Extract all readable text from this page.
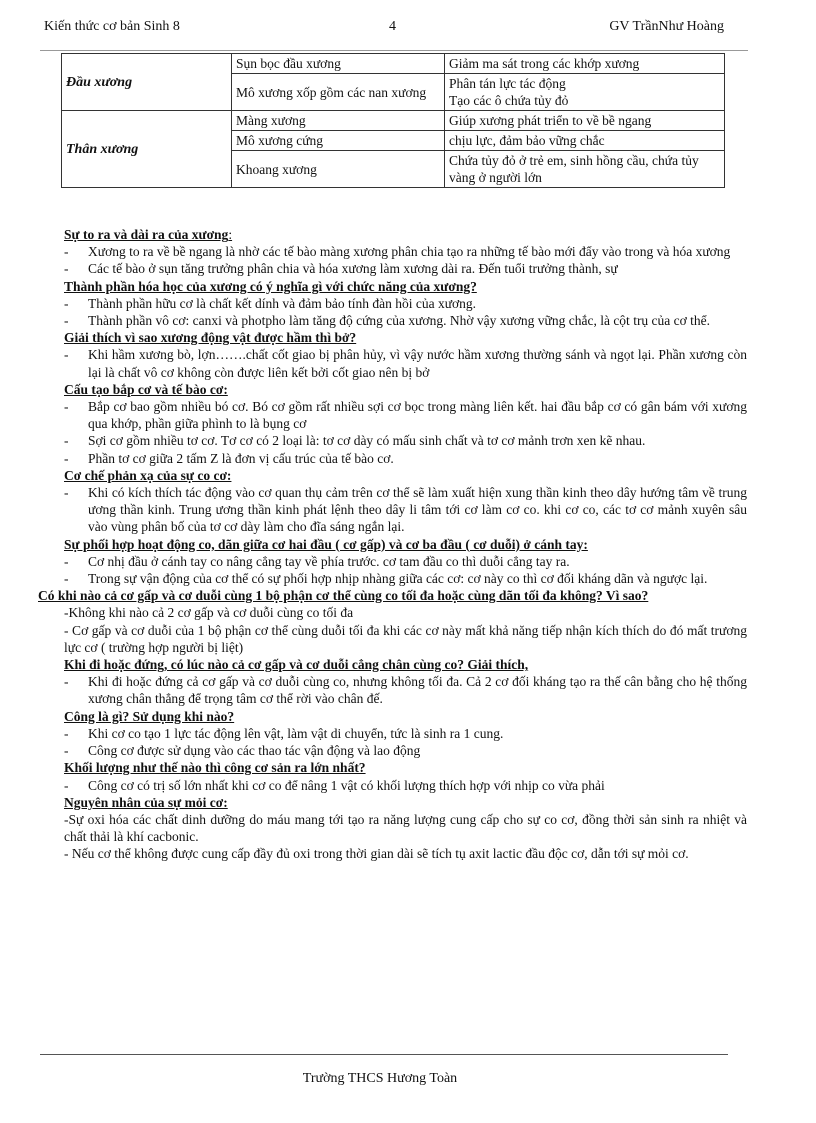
Kiến thức cơ bản Sinh 8	4	GV TrầnNhư Hoàng
Đầu xương	Sụn bọc đầu xương	Giảm ma sát trong các khớp xương
	Mô xương xốp gồm các nan xương	Phân tán lực tác động
Tạo các ô chứa tủy đỏ
Thân xương	Màng xương	Giúp xương phát triển to về bề ngang
	Mô xương cứng	chịu lực, đảm bảo vững chắc
	Khoang xương	Chứa tủy đỏ ở trẻ em, sinh hồng cầu, chứa tủy vàng ở người lớn
Sự to ra và dài ra của xương:
- Xương to ra về bề ngang là nhờ các tế bào màng xương phân chia tạo ra những tế bào mới đẩy vào trong và hóa xương
- Các tế bào ở sụn tăng trưởng phân chia và hóa xương làm xương dài ra. Đến tuổi trưởng thành, sự
Thành phần hóa học của xương có ý nghĩa gì với chức năng của xương?
- Thành phần hữu cơ là chất kết dính và đảm bảo tính đàn hồi của xương.
- Thành phần vô cơ: canxi và photpho làm tăng độ cứng của xương. Nhờ vậy xương vững chắc, là cột trụ của cơ thể.
Giải thích vì sao xương động vật được hầm thì bở?
- Khi hầm xương bò, lợn…….chất cốt giao bị phân hủy, vì vậy nước hầm xương thường sánh và ngọt lại. Phần xương còn lại là chất vô cơ không còn được liên kết bởi cốt giao nên bị bở
Cấu tạo bắp cơ và tế bào cơ:
- Bắp cơ bao gồm nhiều bó cơ. Bó cơ gồm rất nhiều sợi cơ bọc trong màng liên kết. hai đầu bắp cơ có gân bám với xương qua khớp, phần giữa phình to là bụng cơ
- Sợi cơ gồm nhiều tơ cơ. Tơ cơ có 2 loại là: tơ cơ dày có mấu sinh chất và tơ cơ mảnh trơn xen kẽ nhau.
- Phần tơ cơ giữa 2 tấm Z là đơn vị cấu trúc của tế bào cơ.
Cơ chế phản xạ của sự co cơ:
- Khi có kích thích tác động vào cơ quan thụ cảm trên cơ thể sẽ làm xuất hiện xung thần kinh theo dây hướng tâm về trung ương thần kinh. Trung ương thần kinh phát lệnh theo dây li tâm tới cơ làm cơ co. khi cơ co, các tơ cơ mảnh xuyên sâu vào vùng phân bố của tơ cơ dày làm cho đĩa sáng ngắn lại.
Sự phối hợp hoạt động co, dãn giữa cơ hai đầu ( cơ gấp) và cơ ba đầu ( cơ duỗi) ở cánh tay:
- Cơ nhị đầu ở cánh tay co nâng cẳng tay về phía trước. cơ tam đầu co thì duỗi cẳng tay ra.
- Trong sự vận động của cơ thể có sự phối hợp nhịp nhàng giữa các cơ: cơ này co thì cơ đối kháng dãn và ngược lại.
Có khi nào cả cơ gấp và cơ duỗi cùng 1 bộ phận cơ thể cùng co tối đa hoặc cùng dãn tối đa không? Vì sao?

-Không khi nào cả 2 cơ gấp và cơ duỗi cùng co tối đa

- Cơ gấp và cơ duỗi của 1 bộ phận cơ thể cùng duỗi tối đa khi các cơ này mất khả năng tiếp nhận kích thích do đó mất trương lực cơ ( trường hợp người bị liệt)

Khi đi hoặc đứng, có lúc nào cả cơ gấp và cơ duỗi cẳng chân cùng co? Giải thích,
- Khi đi hoặc đứng cả cơ gấp và cơ duỗi cùng co, nhưng không tối đa. Cả 2 cơ đối kháng tạo ra thế cân bằng cho hệ thống xương chân thẳng để trọng tâm cơ thể rời vào chân đế.
Công là gì? Sử dụng khi nào?
- Khi cơ co tạo 1 lực tác động lên vật, làm vật di chuyển, tức là sinh ra 1 cung.
- Công cơ được sử dụng vào các thao tác vận động và lao động
Khối lượng như thế nào thì công cơ sản ra lớn nhất?
- Công cơ có trị số lớn nhất khi cơ co để nâng 1 vật có khối lượng thích hợp với nhịp co vừa phải
Nguyên nhân của sự mỏi cơ:

-Sự oxi hóa các chất dinh dưỡng do máu mang tới tạo ra năng lượng cung cấp cho sự co cơ, đồng thời sản sinh ra nhiệt và chất thải là khí cacbonic.

- Nếu cơ thể không được cung cấp đầy đủ oxi trong thời gian dài sẽ tích tụ axit lactic đầu độc cơ, dẫn tới sự mỏi cơ.

Trường THCS Hương Toàn
